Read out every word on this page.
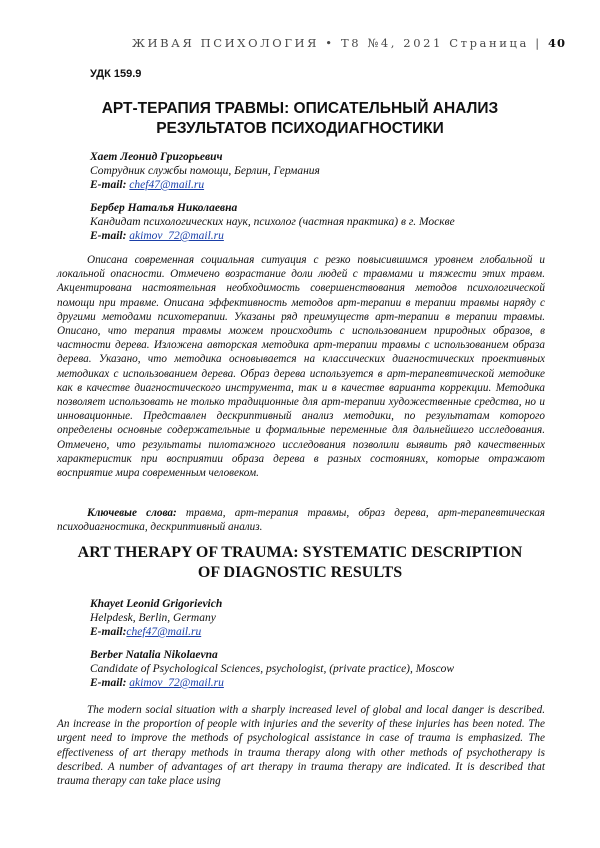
ЖИВАЯ ПСИХОЛОГИЯ • Т8 №4, 2021 Страница | 40
УДК 159.9
АРТ-ТЕРАПИЯ ТРАВМЫ: ОПИСАТЕЛЬНЫЙ АНАЛИЗ
РЕЗУЛЬТАТОВ ПСИХОДИАГНОСТИКИ
Хает Леонид Григорьевич
Сотрудник службы помощи, Берлин, Германия
E-mail: chef47@mail.ru
Бербер Наталья Николаевна
Кандидат психологических наук, психолог (частная практика) в г. Москве
E-mail: akimov_72@mail.ru

Описана современная социальная ситуация с резко повысившимся уровнем глобальной и локальной опасности. Отмечено возрастание доли людей с травмами и тяжести этих травм. Акцентирована настоятельная необходимость совершенствования методов психологической помощи при травме. Описана эффективность методов арт-терапии в терапии травмы наряду с другими методами психотерапии. Указаны ряд преимуществ арт-терапии в терапии травмы. Описано, что терапия травмы можем происходить с использованием природных образов, в частности дерева. Изложена авторская методика арт-терапии травмы с использованием образа дерева. Указано, что методика основывается на классических диагностических проективных методиках с использованием дерева. Образ дерева используется в арт-терапевтической методике как в качестве диагностического инструмента, так и в качестве варианта коррекции. Методика позволяет использовать не только традиционные для арт-терапии художественные средства, но и инновационные. Представлен дескриптивный анализ методики, по результатам которого определены основные содержательные и формальные переменные для дальнейшего исследования. Отмечено, что результаты пилотажного исследования позволили выявить ряд качественных характеристик при восприятии образа дерева в разных состояниях, которые отражают восприятие мира современным человеком.

Ключевые слова: травма, арт-терапия травмы, образ дерева, арт-терапевтическая психодиагностика, дескриптивный анализ.

ART THERAPY OF TRAUMA: SYSTEMATIC DESCRIPTION
OF DIAGNOSTIC RESULTS
Khayet Leonid Grigorievich
Helpdesk, Berlin, Germany
E-mail:chef47@mail.ru
Berber Natalia Nikolaevna
Candidate of Psychological Sciences, psychologist, (private practice), Moscow
E-mail: akimov_72@mail.ru

The modern social situation with a sharply increased level of global and local danger is described. An increase in the proportion of people with injuries and the severity of these injuries has been noted. The urgent need to improve the methods of psychological assistance in case of trauma is emphasized. The effectiveness of art therapy methods in trauma therapy along with other methods of psychotherapy is described. A number of advantages of art therapy in trauma therapy are indicated. It is described that trauma therapy can take place using
